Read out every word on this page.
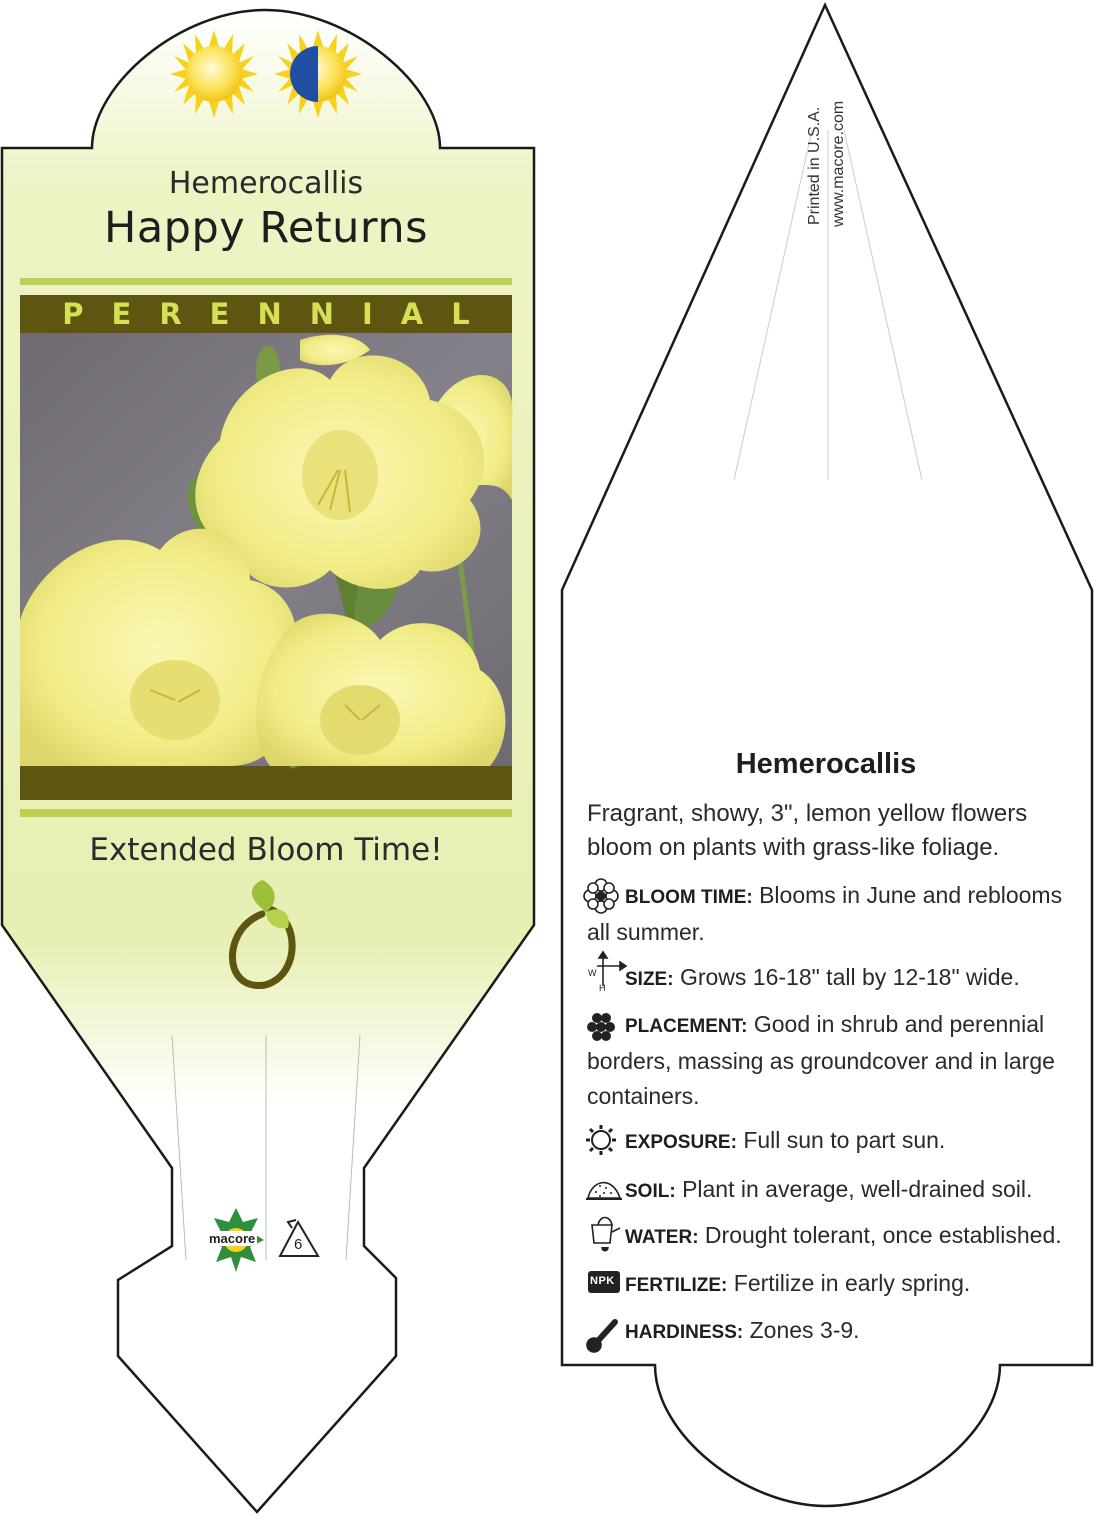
Hemerocallis
Happy Returns
PERENNIAL
Extended Bloom Time!
macore	6
Printed in U.S.A. www.macore.com
Hemerocallis
Fragrant, showy, 3", lemon yellow flowers bloom on plants with grass-like foliage.
BLOOM TIME: Blooms in June and reblooms all summer.
SIZE: Grows 16-18" tall by 12-18" wide.
W
H
PLACEMENT: Good in shrub and perennial borders, massing as groundcover and in large containers.
EXPOSURE: Full sun to part sun.
SOIL: Plant in average, well-drained soil.
WATER: Drought tolerant, once established.
FERTILIZE: Fertilize in early spring.
NPK
HARDINESS: Zones 3-9.
